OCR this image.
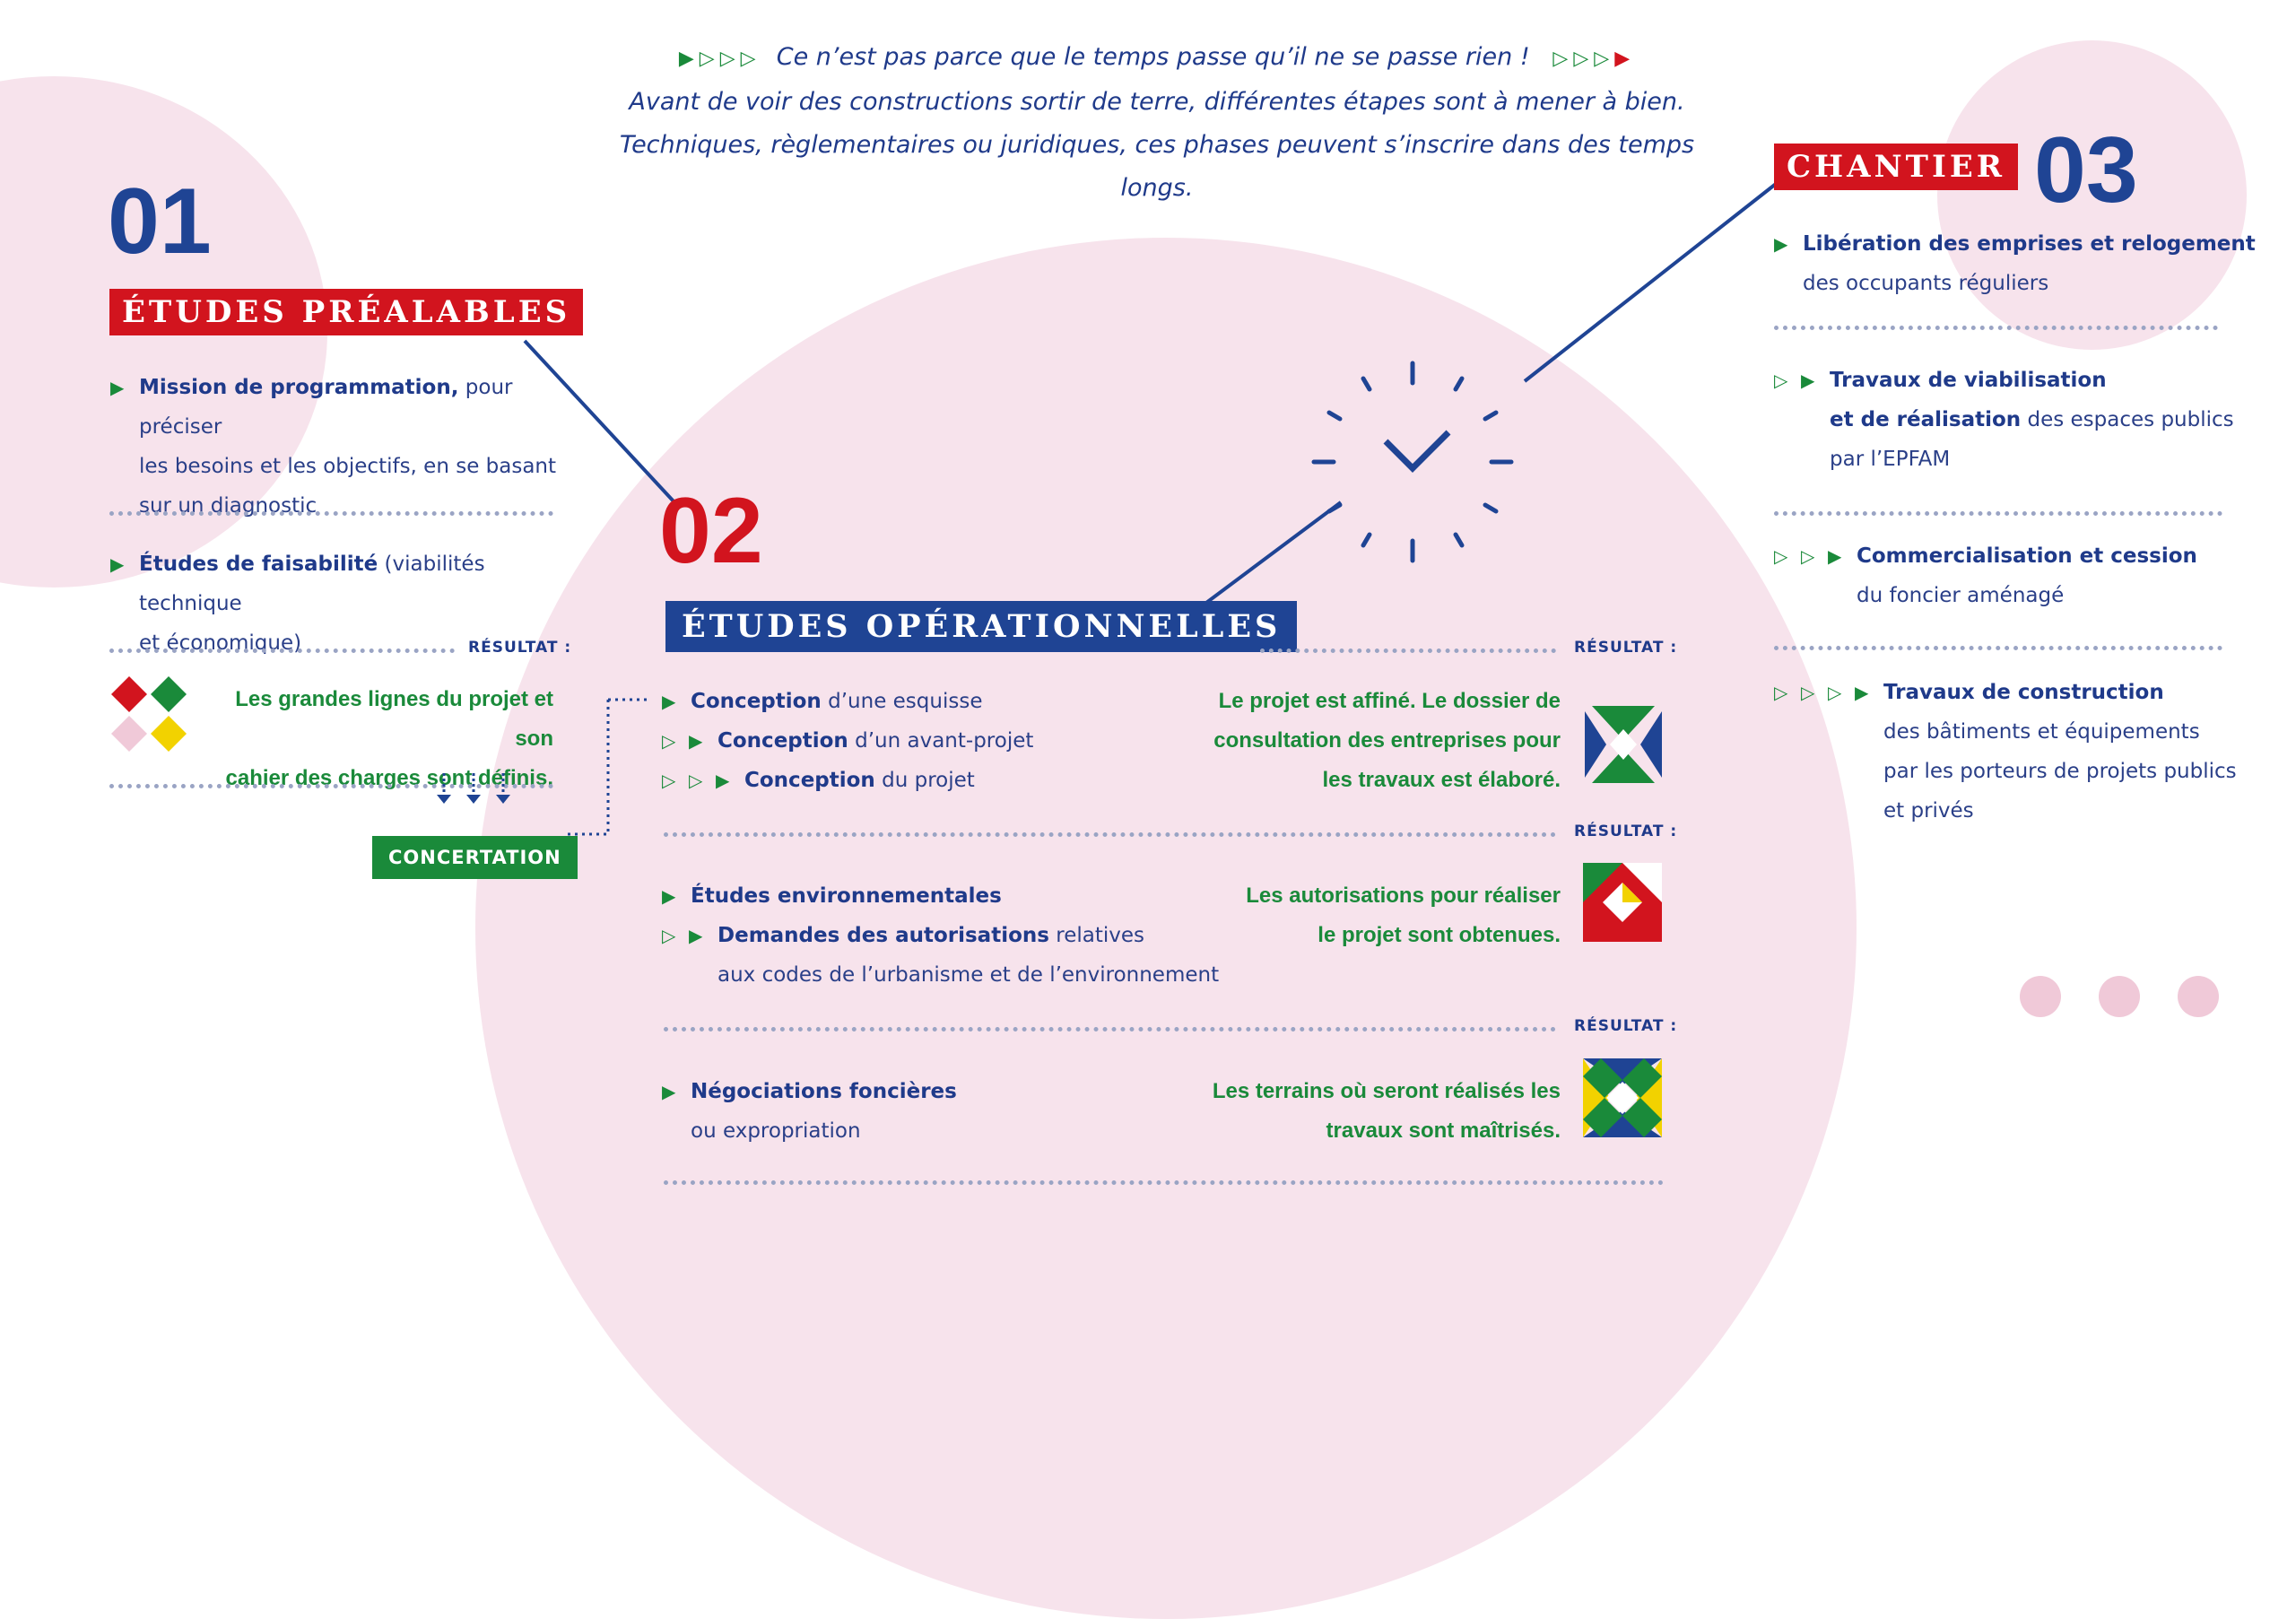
▶▷▷▷ Ce n’est pas parce que le temps passe qu’il ne se passe rien ! ▷▷▷▶
Avant de voir des constructions sortir de terre, différentes étapes sont à mener à bien.
Techniques, règlementaires ou juridiques, ces phases peuvent s’inscrire dans des temps longs.
01
ÉTUDES PRÉALABLES
▶ Mission de programmation, pour préciser
les besoins et les objectifs, en se basant
sur un diagnostic
▶ Études de faisabilité (viabilités technique
et économique)	RÉSULTAT :
Les grandes lignes du projet et son
cahier des charges sont définis.
CONCERTATION
02
ÉTUDES OPÉRATIONNELLES
RÉSULTAT :
▶ Conception d’une esquisse
▷ ▶ Conception d’un avant-projet
▷ ▷ ▶ Conception du projet
Le projet est affiné. Le dossier de
consultation des entreprises pour
les travaux est élaboré.
RÉSULTAT :
▶ Études environnementales
▷ ▶ Demandes des autorisations relatives
aux codes de l’urbanisme et de l’environnement
Les autorisations pour réaliser
le projet sont obtenues.
RÉSULTAT :
▶ Négociations foncières
ou expropriation
Les terrains où seront réalisés les
travaux sont maîtrisés.
CHANTIER 03
▶ Libération des emprises et relogement
des occupants réguliers
▷ ▶ Travaux de viabilisation
et de réalisation des espaces publics
par l’EPFAM
▷ ▷ ▶ Commercialisation et cession
du foncier aménagé
▷ ▷ ▷ ▶ Travaux de construction
des bâtiments et équipements
par les porteurs de projets publics
et privés
